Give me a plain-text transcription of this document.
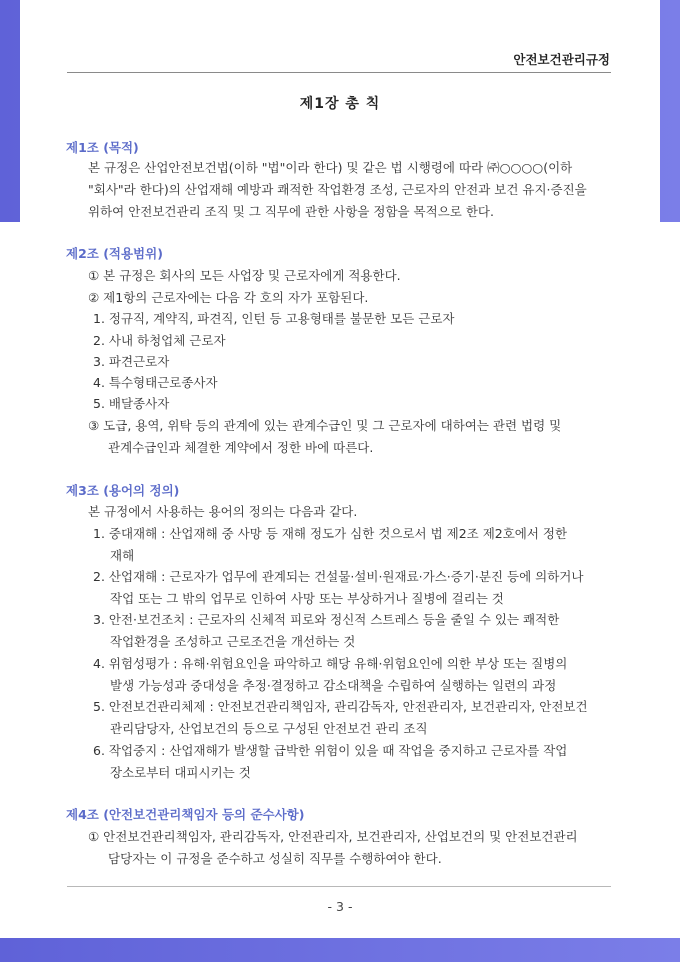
안전보건관리규정
제1장 총 칙
제1조 (목적)
본 규정은 산업안전보건법(이하 "법"이라 한다) 및 같은 법 시행령에 따라 ㈜○○○○(이하
"회사"라 한다)의 산업재해 예방과 쾌적한 작업환경 조성, 근로자의 안전과 보건 유지·증진을
위하여 안전보건관리 조직 및 그 직무에 관한 사항을 정함을 목적으로 한다.
제2조 (적용범위)
① 본 규정은 회사의 모든 사업장 및 근로자에게 적용한다.
② 제1항의 근로자에는 다음 각 호의 자가 포함된다.
1. 정규직, 계약직, 파견직, 인턴 등 고용형태를 불문한 모든 근로자
2. 사내 하청업체 근로자
3. 파견근로자
4. 특수형태근로종사자
5. 배달종사자
③ 도급, 용역, 위탁 등의 관계에 있는 관계수급인 및 그 근로자에 대하여는 관련 법령 및
관계수급인과 체결한 계약에서 정한 바에 따른다.
제3조 (용어의 정의)
본 규정에서 사용하는 용어의 정의는 다음과 같다.
1. 중대재해 : 산업재해 중 사망 등 재해 정도가 심한 것으로서 법 제2조 제2호에서 정한
재해
2. 산업재해 : 근로자가 업무에 관계되는 건설물·설비·원재료·가스·증기·분진 등에 의하거나
작업 또는 그 밖의 업무로 인하여 사망 또는 부상하거나 질병에 걸리는 것
3. 안전·보건조치 : 근로자의 신체적 피로와 정신적 스트레스 등을 줄일 수 있는 쾌적한
작업환경을 조성하고 근로조건을 개선하는 것
4. 위험성평가 : 유해·위험요인을 파악하고 해당 유해·위험요인에 의한 부상 또는 질병의
발생 가능성과 중대성을 추정·결정하고 감소대책을 수립하여 실행하는 일련의 과정
5. 안전보건관리체제 : 안전보건관리책임자, 관리감독자, 안전관리자, 보건관리자, 안전보건
관리담당자, 산업보건의 등으로 구성된 안전보건 관리 조직
6. 작업중지 : 산업재해가 발생할 급박한 위험이 있을 때 작업을 중지하고 근로자를 작업
장소로부터 대피시키는 것
제4조 (안전보건관리책임자 등의 준수사항)
① 안전보건관리책임자, 관리감독자, 안전관리자, 보건관리자, 산업보건의 및 안전보건관리
담당자는 이 규정을 준수하고 성실히 직무를 수행하여야 한다.
- 3 -
